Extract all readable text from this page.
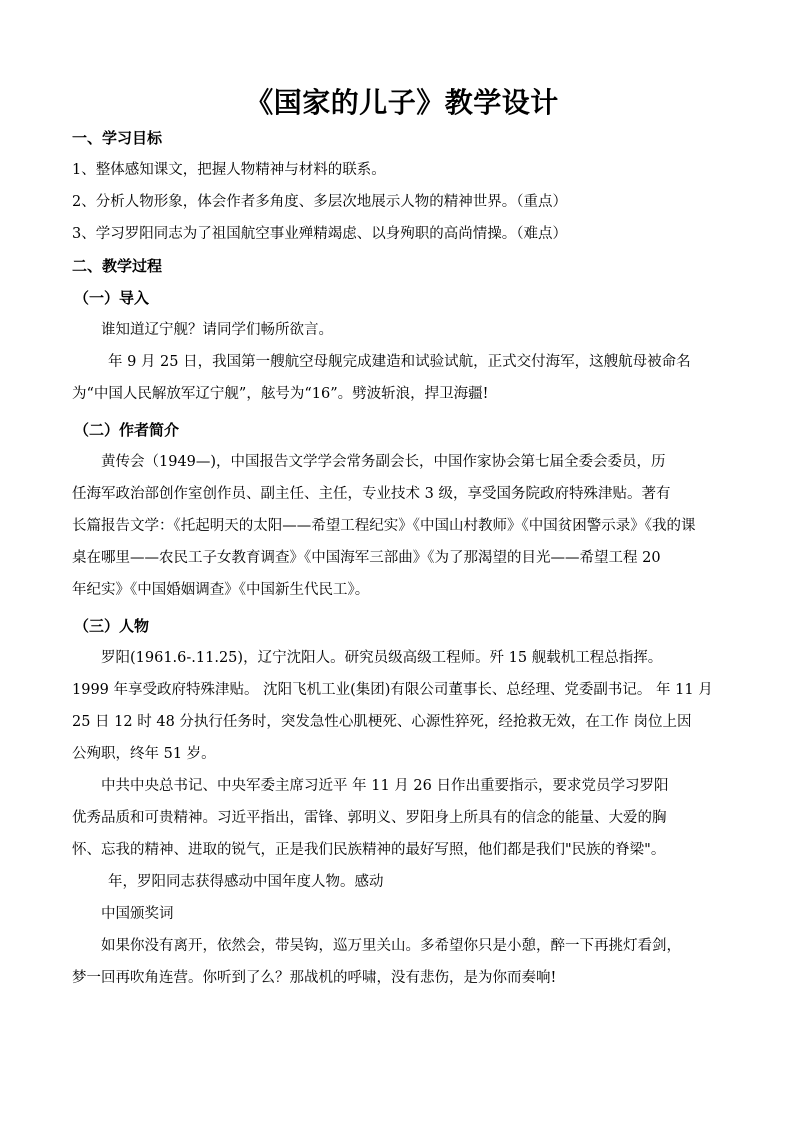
《国家的儿子》教学设计
一、学习目标
1、整体感知课文，把握人物精神与材料的联系。
2、分析人物形象，体会作者多角度、多层次地展示人物的精神世界。（重点）
3、学习罗阳同志为了祖国航空事业殚精竭虑、以身殉职的高尚情操。（难点）
二、教学过程
（一）导入
谁知道辽宁舰？请同学们畅所欲言。
年 9 月 25 日，我国第一艘航空母舰完成建造和试验试航，正式交付海军，这艘航母被命名
为“中国人民解放军辽宁舰”，舷号为“16”。劈波斩浪，捍卫海疆!
（二）作者简介
黄传会（1949—)，中国报告文学学会常务副会长，中国作家协会第七届全委会委员，历
任海军政治部创作室创作员、副主任、主任，专业技术 3 级，享受国务院政府特殊津贴。著有
长篇报告文学：《托起明天的太阳——希望工程纪实》《中国山村教师》《中国贫困警示录》《我的课
桌在哪里——农民工子女教育调查》《中国海军三部曲》《为了那渴望的目光——希望工程 20
年纪实》《中国婚姻调查》《中国新生代民工》。
（三）人物
罗阳(1961.6-.11.25)，辽宁沈阳人。研究员级高级工程师。歼 15 舰载机工程总指挥。
1999 年享受政府特殊津贴。 沈阳飞机工业(集团)有限公司董事长、总经理、党委副书记。 年 11 月
25 日 12 时 48 分执行任务时，突发急性心肌梗死、心源性猝死，经抢救无效，在工作 岗位上因
公殉职，终年 51 岁。
中共中央总书记、中央军委主席习近平 年 11 月 26 日作出重要指示，要求党员学习罗阳
优秀品质和可贵精神。习近平指出，雷锋、郭明义、罗阳身上所具有的信念的能量、大爱的胸
怀、忘我的精神、进取的锐气，正是我们民族精神的最好写照，他们都是我们"民族的脊梁"。
年，罗阳同志获得感动中国年度人物。感动
中国颁奖词
如果你没有离开，依然会，带吴钩，巡万里关山。多希望你只是小憩，醉一下再挑灯看剑，
梦一回再吹角连营。你听到了么？那战机的呼啸，没有悲伤，是为你而奏响!
